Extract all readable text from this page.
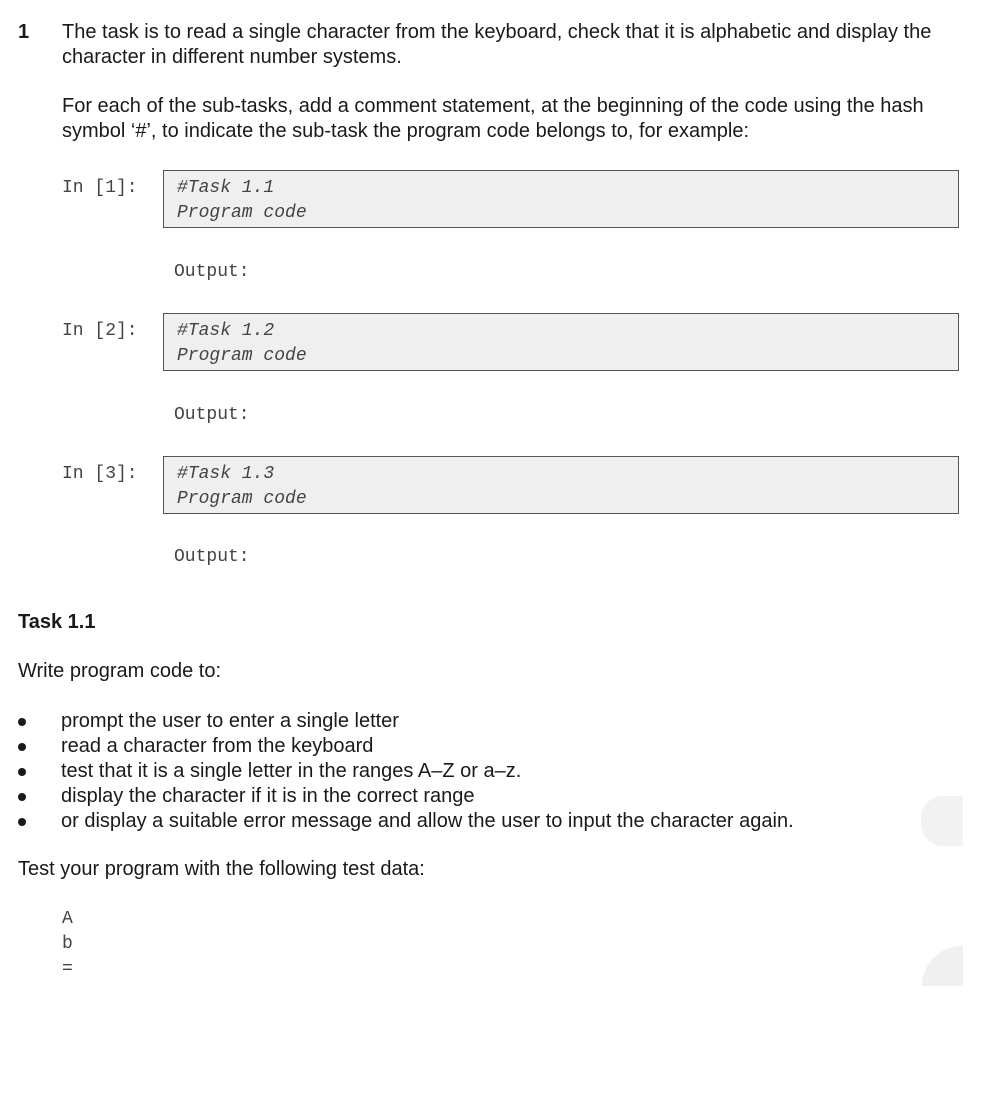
1 The task is to read a single character from the keyboard, check that it is alphabetic and display the character in different number systems.
For each of the sub-tasks, add a comment statement, at the beginning of the code using the hash symbol ‘#’, to indicate the sub-task the program code belongs to, for example:
In [1]: #Task 1.1
Program code
Output:
In [2]: #Task 1.2
Program code
Output:
In [3]: #Task 1.3
Program code
Output:
Task 1.1
Write program code to:
prompt the user to enter a single letter
read a character from the keyboard
test that it is a single letter in the ranges A–Z or a–z.
display the character if it is in the correct range
or display a suitable error message and allow the user to input the character again.
Test your program with the following test data:
A
b
=
